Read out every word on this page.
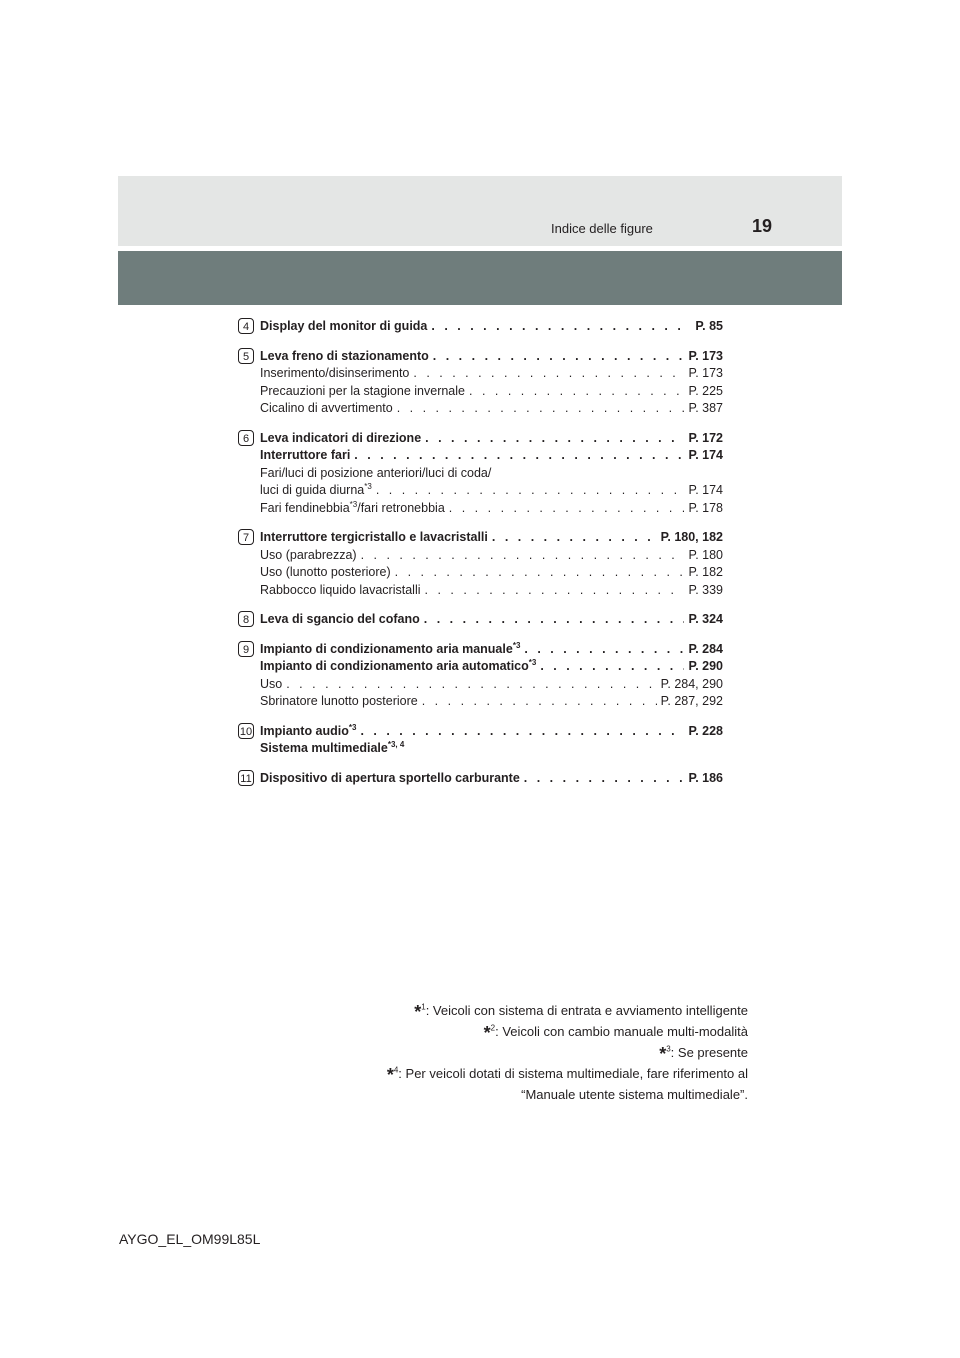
Indice delle figure	19
4 Display del monitor di guida . . .	P. 85
5 Leva freno di stazionamento . . .	P. 173
Inserimento/disinserimento . . .	P. 173
Precauzioni per la stagione invernale . . .	P. 225
Cicalino di avvertimento . . .	P. 387
6 Leva indicatori di direzione . . .	P. 172
Interruttore fari . . .	P. 174
Fari/luci di posizione anteriori/luci di coda/
luci di guida diurna$^{*3}$ . . .	P. 174
Fari fendinebbia$^{*3}$/fari retronebbia . . .	P. 178
7 Interruttore tergicristallo e lavacristalli . . .	P. 180, 182
Uso (parabrezza) . . .	P. 180
Uso (lunotto posteriore) . . .	P. 182
Rabbocco liquido lavacristalli . . .	P. 339
8 Leva di sgancio del cofano . . .	P. 324
9 Impianto di condizionamento aria manuale$^{*3}$ . . .	P. 284
Impianto di condizionamento aria automatico$^{*3}$ . . .	P. 290
Uso . . .	P. 284, 290
Sbrinatore lunotto posteriore . . .	P. 287, 292
10 Impianto audio$^{*3}$ . . .	P. 228
Sistema multimediale$^{*3, 4}$
11 Dispositivo di apertura sportello carburante . . .	P. 186
*$^1$: Veicoli con sistema di entrata e avviamento intelligente
*$^2$: Veicoli con cambio manuale multi-modalità
*$^3$: Se presente
*$^4$: Per veicoli dotati di sistema multimediale, fare riferimento al
“Manuale utente sistema multimediale”.
AYGO_EL_OM99L85L
